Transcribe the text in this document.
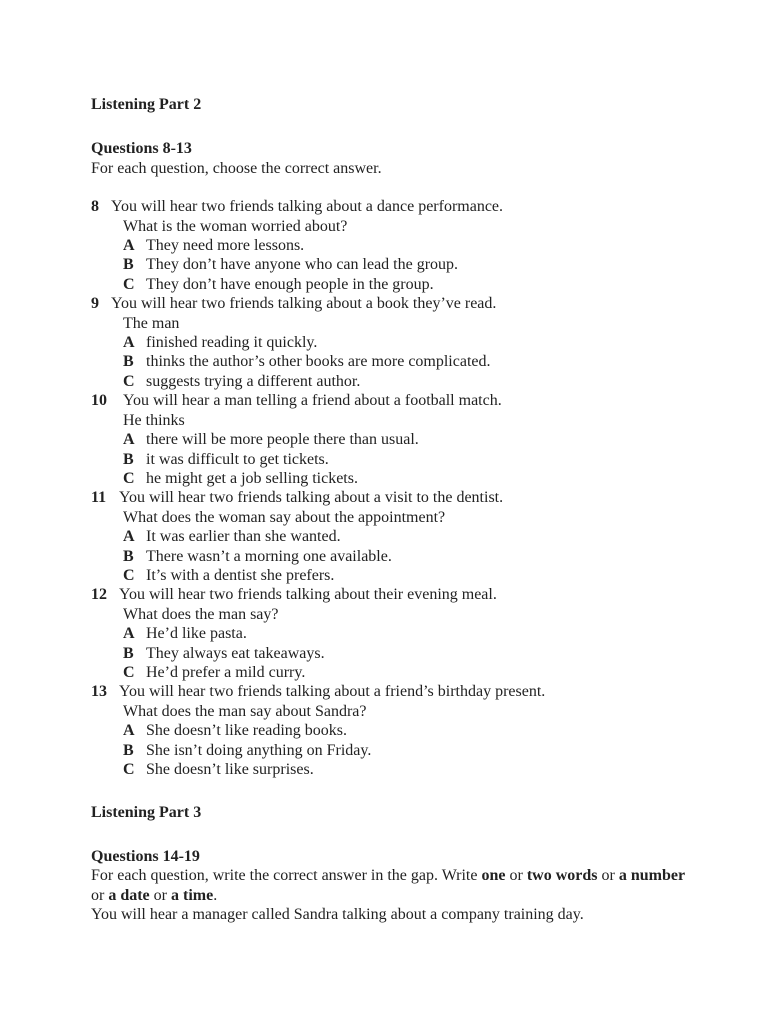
Listening Part 2

Questions 8-13
For each question, choose the correct answer.
8 You will hear two friends talking about a dance performance.
What is the woman worried about?
A They need more lessons.
B They don’t have anyone who can lead the group.
C They don’t have enough people in the group.
9 You will hear two friends talking about a book they’ve read.
The man
A finished reading it quickly.
B thinks the author’s other books are more complicated.
C suggests trying a different author.
10 You will hear a man telling a friend about a football match.
He thinks
A there will be more people there than usual.
B it was difficult to get tickets.
C he might get a job selling tickets.
11 You will hear two friends talking about a visit to the dentist.
What does the woman say about the appointment?
A It was earlier than she wanted.
B There wasn’t a morning one available.
C It’s with a dentist she prefers.
12 You will hear two friends talking about their evening meal.
What does the man say?
A He’d like pasta.
B They always eat takeaways.
C He’d prefer a mild curry.
13 You will hear two friends talking about a friend’s birthday present.
What does the man say about Sandra?
A She doesn’t like reading books.
B She isn’t doing anything on Friday.
C She doesn’t like surprises.

Listening Part 3

Questions 14-19
For each question, write the correct answer in the gap. Write one or two words or a number or a date or a time.
You will hear a manager called Sandra talking about a company training day.
